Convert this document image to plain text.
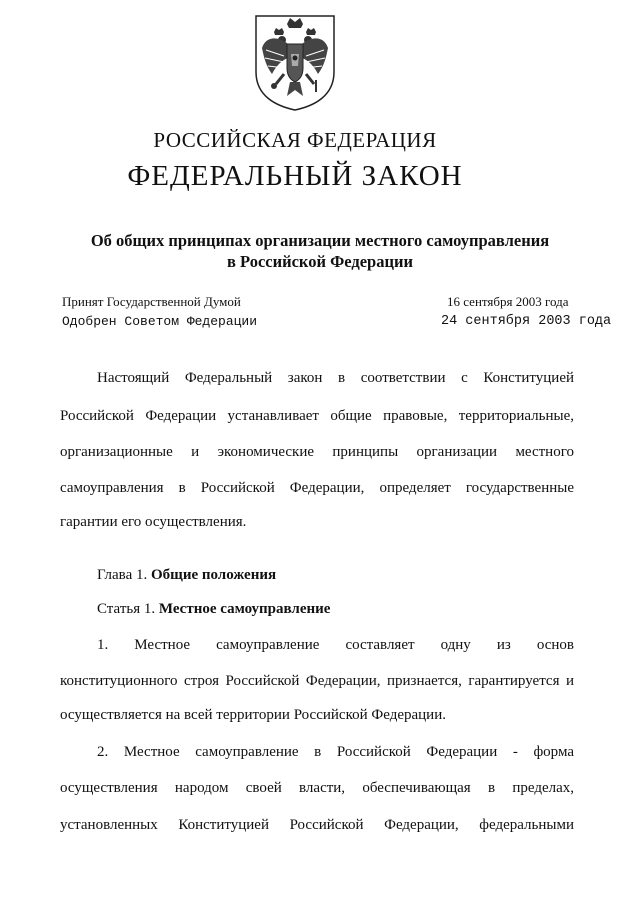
РОССИЙСКАЯ ФЕДЕРАЦИЯ
ФЕДЕРАЛЬНЫЙ ЗАКОН
Об общих принципах организации местного самоуправления
в Российской Федерации
Принят Государственной Думой	16 сентября 2003 года
Одобрен Советом Федерации	24 сентября 2003 года
Настоящий Федеральный закон в соответствии с Конституцией
Российской Федерации устанавливает общие правовые, территориальные,
организационные и экономические принципы организации местного
самоуправления в Российской Федерации, определяет государственные
гарантии его осуществления.
Глава 1. Общие положения
Статья 1. Местное самоуправление
1. Местное самоуправление составляет одну из основ
конституционного строя Российской Федерации, признается, гарантируется и
осуществляется на всей территории Российской Федерации.
2. Местное самоуправление в Российской Федерации - форма
осуществления народом своей власти, обеспечивающая в пределах,
установленных Конституцией Российской Федерации, федеральными
